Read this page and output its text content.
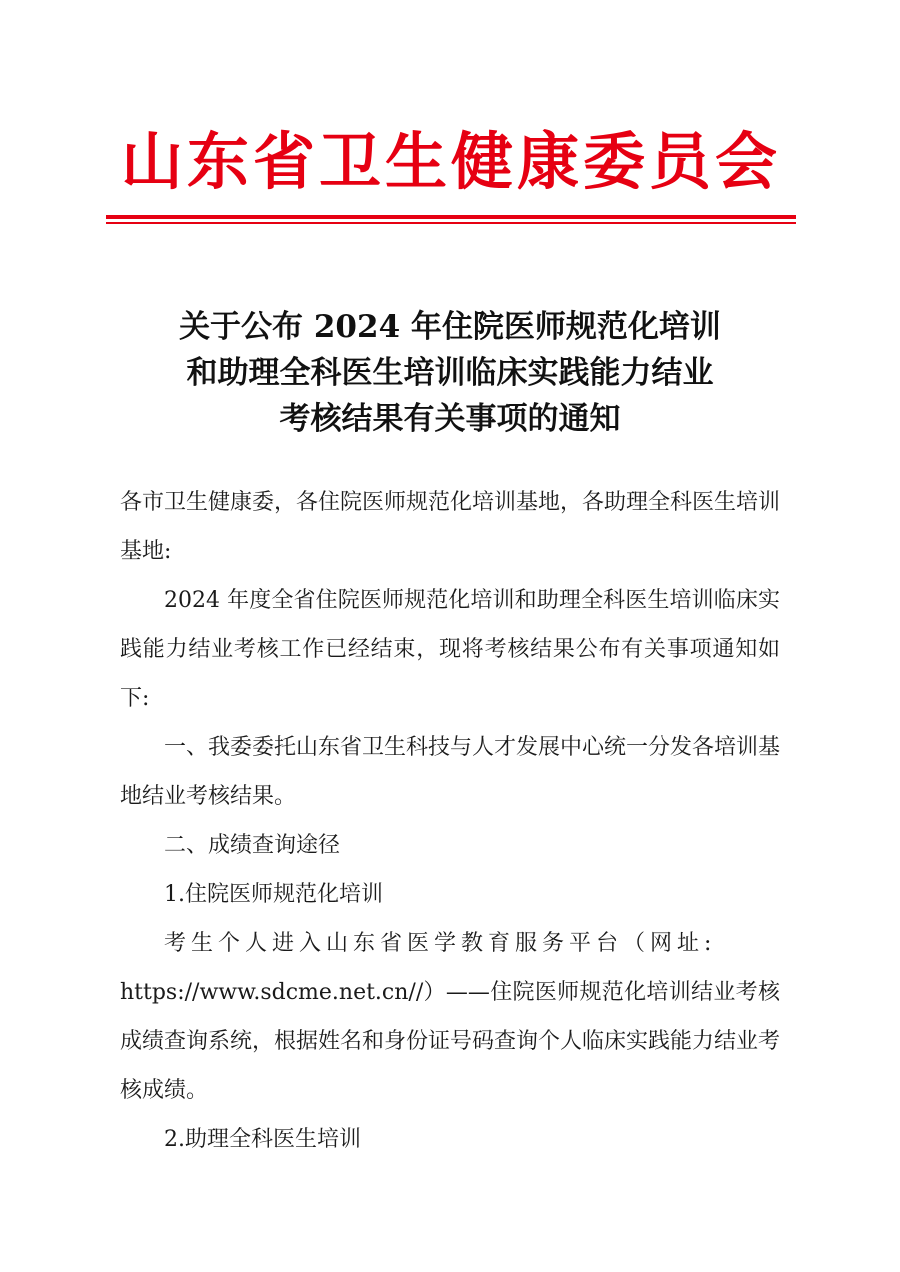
山东省卫生健康委员会
关于公布 2024 年住院医师规范化培训
和助理全科医生培训临床实践能力结业
考核结果有关事项的通知

各市卫生健康委，各住院医师规范化培训基地，各助理全科医生培训基地:

2024 年度全省住院医师规范化培训和助理全科医生培训临床实践能力结业考核工作已经结束，现将考核结果公布有关事项通知如下:

一、我委委托山东省卫生科技与人才发展中心统一分发各培训基地结业考核结果。

二、成绩查询途径

1.住院医师规范化培训

考生个人进入山东省医学教育服务平台（网址:

https://www.sdcme.net.cn//）——住院医师规范化培训结业考核成绩查询系统，根据姓名和身份证号码查询个人临床实践能力结业考核成绩。

2.助理全科医生培训
